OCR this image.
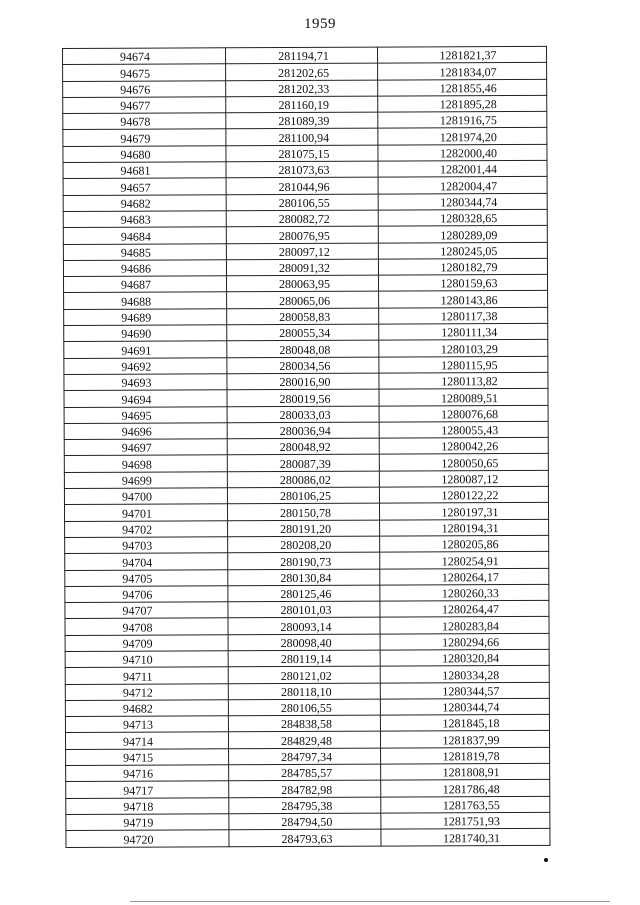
1959
94674	281194,71	1281821,37
94675	281202,65	1281834,07
94676	281202,33	1281855,46
94677	281160,19	1281895,28
94678	281089,39	1281916,75
94679	281100,94	1281974,20
94680	281075,15	1282000,40
94681	281073,63	1282001,44
94657	281044,96	1282004,47
94682	280106,55	1280344,74
94683	280082,72	1280328,65
94684	280076,95	1280289,09
94685	280097,12	1280245,05
94686	280091,32	1280182,79
94687	280063,95	1280159,63
94688	280065,06	1280143,86
94689	280058,83	1280117,38
94690	280055,34	1280111,34
94691	280048,08	1280103,29
94692	280034,56	1280115,95
94693	280016,90	1280113,82
94694	280019,56	1280089,51
94695	280033,03	1280076,68
94696	280036,94	1280055,43
94697	280048,92	1280042,26
94698	280087,39	1280050,65
94699	280086,02	1280087,12
94700	280106,25	1280122,22
94701	280150,78	1280197,31
94702	280191,20	1280194,31
94703	280208,20	1280205,86
94704	280190,73	1280254,91
94705	280130,84	1280264,17
94706	280125,46	1280260,33
94707	280101,03	1280264,47
94708	280093,14	1280283,84
94709	280098,40	1280294,66
94710	280119,14	1280320,84
94711	280121,02	1280334,28
94712	280118,10	1280344,57
94682	280106,55	1280344,74
94713	284838,58	1281845,18
94714	284829,48	1281837,99
94715	284797,34	1281819,78
94716	284785,57	1281808,91
94717	284782,98	1281786,48
94718	284795,38	1281763,55
94719	284794,50	1281751,93
94720	284793,63	1281740,31
